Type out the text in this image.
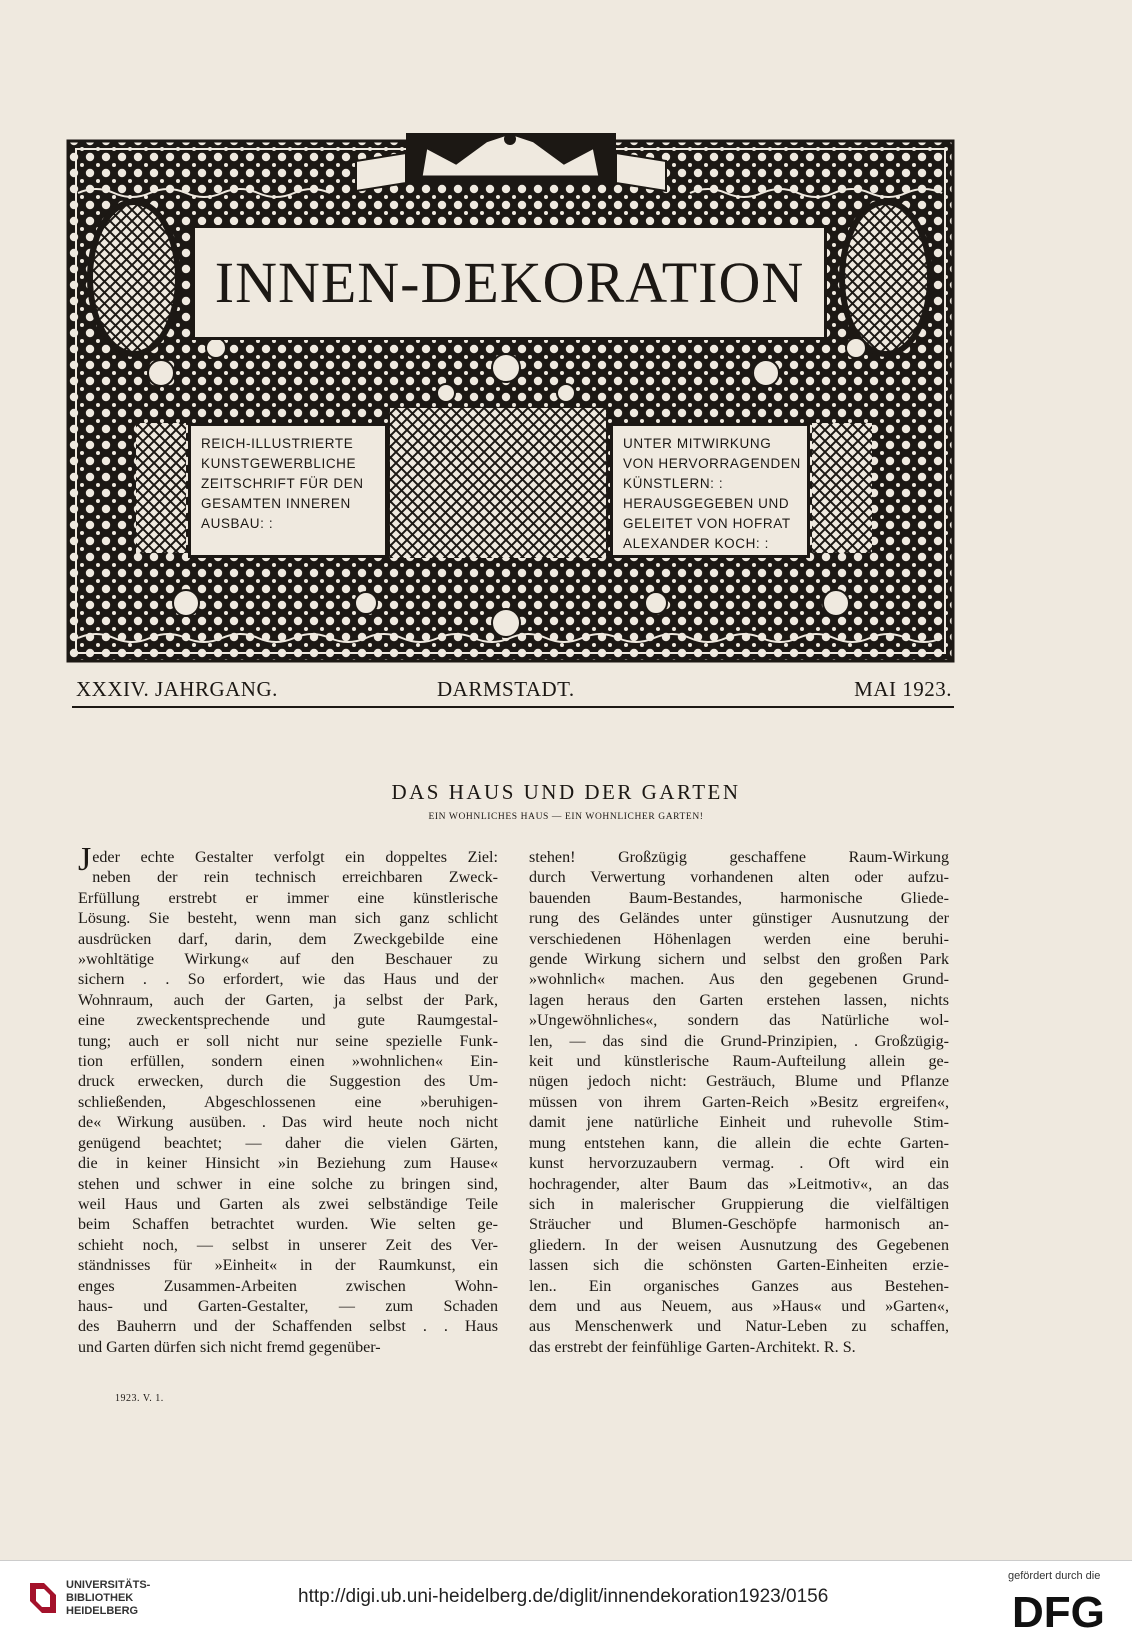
INNEN-DEKORATION
REICH-ILLUSTRIERTE
KUNSTGEWERBLICHE
ZEITSCHRIFT FÜR DEN
GESAMTEN INNEREN
AUSBAU: :
UNTER MITWIRKUNG
VON HERVORRAGENDEN
KÜNSTLERN: :
HERAUSGEGEBEN UND
GELEITET VON HOFRAT
ALEXANDER KOCH: :
XXXIV. JAHRGANG.	DARMSTADT.	MAI 1923.
DAS HAUS UND DER GARTEN
EIN WOHNLICHES HAUS — EIN WOHNLICHER GARTEN!
J eder echte Gestalter verfolgt ein doppeltes Ziel:
neben der rein technisch erreichbaren Zweck-
Erfüllung erstrebt er immer eine künstlerische
Lösung. Sie besteht, wenn man sich ganz schlicht
ausdrücken darf, darin, dem Zweckgebilde eine
»wohltätige Wirkung« auf den Beschauer zu
sichern . . So erfordert, wie das Haus und der
Wohnraum, auch der Garten, ja selbst der Park,
eine zweckentsprechende und gute Raumgestal-
tung; auch er soll nicht nur seine spezielle Funk-
tion erfüllen, sondern einen »wohnlichen« Ein-
druck erwecken, durch die Suggestion des Um-
schließenden, Abgeschlossenen eine »beruhigen-
de« Wirkung ausüben. . Das wird heute noch nicht
genügend beachtet; — daher die vielen Gärten,
die in keiner Hinsicht »in Beziehung zum Hause«
stehen und schwer in eine solche zu bringen sind,
weil Haus und Garten als zwei selbständige Teile
beim Schaffen betrachtet wurden. Wie selten ge-
schieht noch, — selbst in unserer Zeit des Ver-
ständnisses für »Einheit« in der Raumkunst, ein
enges Zusammen-Arbeiten zwischen Wohn-
haus- und Garten-Gestalter, — zum Schaden
des Bauherrn und der Schaffenden selbst . . Haus
und Garten dürfen sich nicht fremd gegenüber-
stehen! Großzügig geschaffene Raum-Wirkung
durch Verwertung vorhandenen alten oder aufzu-
bauenden Baum-Bestandes, harmonische Gliede-
rung des Geländes unter günstiger Ausnutzung der
verschiedenen Höhenlagen werden eine beruhi-
gende Wirkung sichern und selbst den großen Park
»wohnlich« machen. Aus den gegebenen Grund-
lagen heraus den Garten erstehen lassen, nichts
»Ungewöhnliches«, sondern das Natürliche wol-
len, — das sind die Grund-Prinzipien, . Großzügig-
keit und künstlerische Raum-Aufteilung allein ge-
nügen jedoch nicht: Gesträuch, Blume und Pflanze
müssen von ihrem Garten-Reich »Besitz ergreifen«,
damit jene natürliche Einheit und ruhevolle Stim-
mung entstehen kann, die allein die echte Garten-
kunst hervorzuzaubern vermag. . Oft wird ein
hochragender, alter Baum das »Leitmotiv«, an das
sich in malerischer Gruppierung die vielfältigen
Sträucher und Blumen-Geschöpfe harmonisch an-
gliedern. In der weisen Ausnutzung des Gegebenen
lassen sich die schönsten Garten-Einheiten erzie-
len.. Ein organisches Ganzes aus Bestehen-
dem und aus Neuem, aus »Haus« und »Garten«,
aus Menschenwerk und Natur-Leben zu schaffen,
das erstrebt der feinfühlige Garten-Architekt. R. S.
1923. V. 1.
UNIVERSITÄTS-
BIBLIOTHEK
HEIDELBERG
http://digi.ub.uni-heidelberg.de/diglit/innendekoration1923/0156
gefördert durch die
DFG
